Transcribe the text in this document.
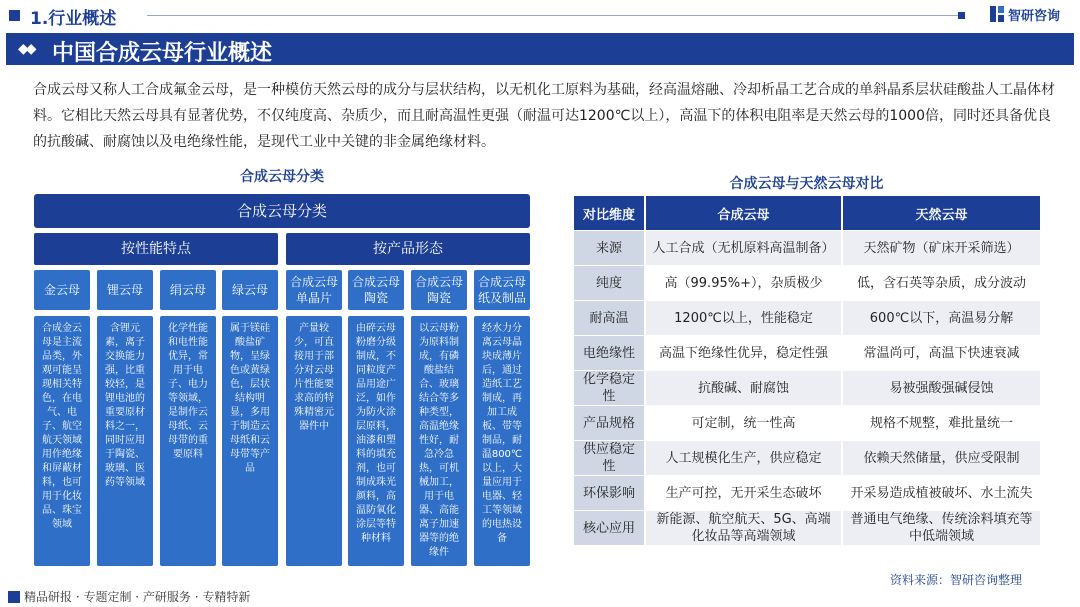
1.行业概述	智研咨询
◆◆ 中国合成云母行业概述
合成云母又称人工合成氟金云母，是一种模仿天然云母的成分与层状结构，以无机化工原料为基础，经高温熔融、冷却析晶工艺合成的单斜晶系层状硅酸盐人工晶体材料。它相比天然云母具有显著优势，不仅纯度高、杂质少，而且耐高温性更强（耐温可达1200℃以上），高温下的体积电阻率是天然云母的1000倍，同时还具备优良的抗酸碱、耐腐蚀以及电绝缘性能，是现代工业中关键的非金属绝缘材料。
合成云母分类
合成云母分类
按性能特点	按产品形态
金云母	锂云母	绢云母	绿云母
合成云母单晶片
合成云母陶瓷
合成云母陶瓷
合成云母纸及制品
合成金云母是主流品类，外观可能呈现相关特色，在电气、电子、航空航天领域用作绝缘和屏蔽材料，也可用于化妆品、珠宝领域
含锂元素，离子交换能力强，比重较轻，是锂电池的重要原材料之一，同时应用于陶瓷、玻璃、医药等领域
化学性能和电性能优异，常用于电子、电力等领域，是制作云母纸、云母带的重要原料
属于镁硅酸盐矿物，呈绿色或黄绿色，层状结构明显，多用于制造云母纸和云母带等产品
产量较少，可直接用于部分对云母片性能要求高的特殊精密元器件中
由碎云母粉磨分级制成，不同粒度产品用途广泛，如作为防火涂层原料，油漆和塑料的填充剂，也可制成珠光颜料，高温防氧化涂层等特种材料
以云母粉为原料制成，有磷酸盐结合、玻璃结合等多种类型，高温绝缘性好，耐急冷急热，可机械加工，用于电器、高能离子加速器等的绝缘件
经水力分离云母晶块成薄片后，通过造纸工艺制成，再加工成板、带等制品，耐温800℃以上，大量应用于电器、轻工等领域的电热设备
合成云母与天然云母对比
对比维度	合成云母	天然云母
来源	人工合成（无机原料高温制备）	天然矿物（矿床开采筛选）
纯度	高（99.95%+），杂质极少	低，含石英等杂质，成分波动
耐高温	1200℃以上，性能稳定	600℃以下，高温易分解
电绝缘性	高温下绝缘性优异，稳定性强	常温尚可，高温下快速衰减
化学稳定性	抗酸碱、耐腐蚀	易被强酸强碱侵蚀
产品规格	可定制，统一性高	规格不规整，难批量统一
供应稳定性	人工规模化生产，供应稳定	依赖天然储量，供应受限制
环保影响	生产可控，无开采生态破坏	开采易造成植被破坏、水土流失
核心应用	新能源、航空航天、5G、高端化妆品等高端领域	普通电气绝缘、传统涂料填充等中低端领域
资料来源：智研咨询整理
精品研报 · 专题定制 · 产研服务 · 专精特新
